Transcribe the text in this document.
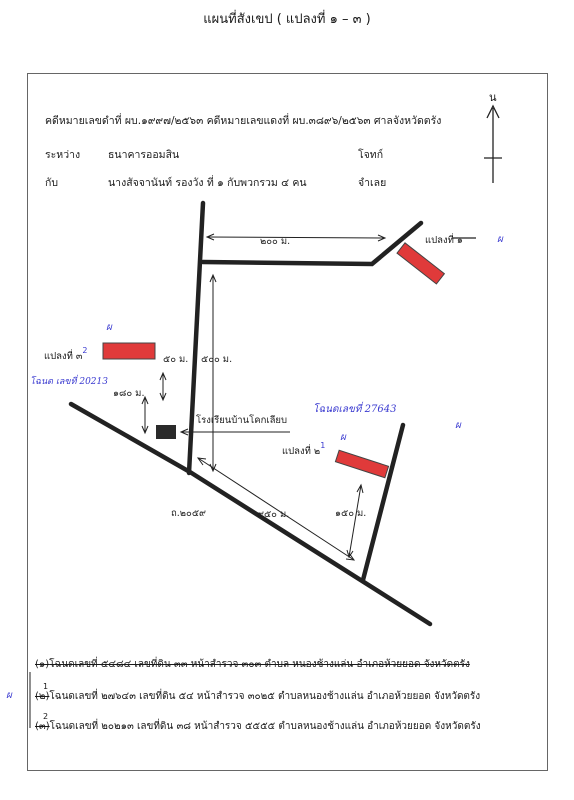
แผนที่สังเขป ( แปลงที่ ๑ – ๓ )
น
คดีหมายเลขดำที่ ผบ.๑๙๙๗/๒๕๖๓ คดีหมายเลขแดงที่ ผบ.๓๘๙๖/๒๕๖๓ ศาลจังหวัดตรัง
ระหว่าง	ธนาคารออมสิน	โจทก์
กับ	นางสัจจานันท์ รองวัง ที่ ๑ กับพวกรวม ๔ คน	จำเลย
๒๐๐ ม.	แปลงที่ ๑	ผ
ผ
แปลงที่ ๓$^2$
๕๐ ม. ๕๐๐ ม.
โฉนด เลขที่ 20213
๑๘๐ ม.
โฉนดเลขที่ 27643
ผ
โรงเรียนบ้านโคกเลียบ
ผ
แปลงที่ ๒$^1$
ถ.๒๐๕๙	๙๕๐ ม.	๑๕๐ ม.
(๑)โฉนดเลขที่ ๕๔๘๔ เลขที่ดิน ๓๓ หน้าสำรวจ ๓๐๓ ตำบล หนองช้างแล่น อำเภอห้วยยอด จังหวัดตรัง
ผ (๒)
1
โฉนดเลขที่ ๒๗๖๔๓ เลขที่ดิน ๕๔ หน้าสำรวจ ๓๐๒๕ ตำบลหนองช้างแล่น อำเภอห้วยยอด จังหวัดตรัง
(๓)
2
โฉนดเลขที่ ๒๐๒๑๓ เลขที่ดิน ๓๘ หน้าสำรวจ ๕๕๕๕ ตำบลหนองช้างแล่น อำเภอห้วยยอด จังหวัดตรัง
